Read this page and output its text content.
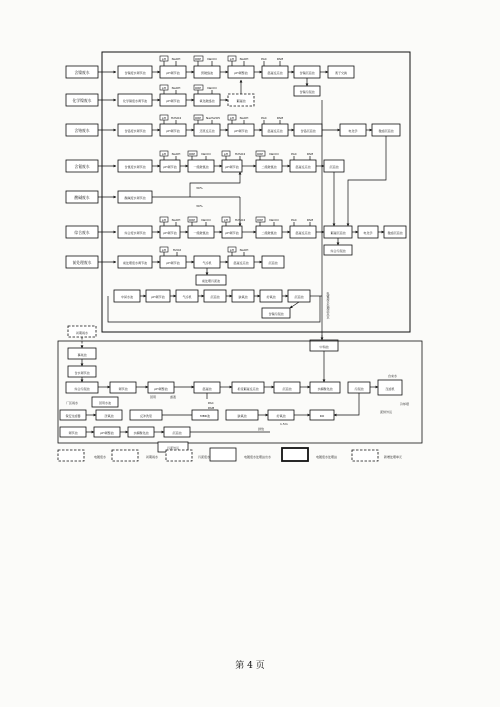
含镍废水
化学镍废水
含铬废水
含氰废水
酸碱废水
综合废水
前处理废水
含镍废水调节池	pH调节池	预破络池	pH调整池	混凝反应池	含镍沉淀池	离子交换
含镍污泥池
pH NaOH	ORP NaClO	pH NaOH	PAC	PAM
化学镍废水调节池	pH调节池	氧化破络池	絮凝池
pH NaOH	ORP NaClO
含铬废水调节池	pH调节池	还原反应池	pH调节池	混凝反应池	含铬沉淀池	电化学	微滤沉淀池
pH H2SO4	ORP Na2S2O5	pH NaOH	PAC	PAM
含氰废水调节池	pH调节池	一级破氰池	pH调节池	二级破氰池	混凝反应池	沉淀池
pH NaOH	ORP NaClO	pH H2SO4	ORP NaClO	PAC	PAM
酸碱废水调节池
30%
30%
综合废水调节池	pH调节池	一级破氰池	pH调节池	二级破氰池	混凝反应池	絮凝沉淀池	电化学	微滤沉淀池
综合污泥池
pH NaOH	ORP NaClO	pH H2SO4	ORP NaClO	PAC	PAM
前处理废水调节池	pH调节池	气浮机	混凝反应池	沉淀池
前处理污泥池
pH H2O2	pH NaOH
中间水池	pH调节池	气浮机	沉淀池	缺氧池	好氧池	沉淀池
含镍污泥池	电镀废水处理站出水
初期雨水
事故池
含水调节池
中和池
综合污泥池	调节池	pH调整池	混凝池	折流絮凝反应池	沉淀池	水解酸化池	污泥池	压滤机
厂区雨水	回用水池	PAC
PAM
保安过滤器	厌氧池	反冲洗泵	MBR池	缺氧池	好氧池	RO
调节池	pH调整池	水解酸化池	沉淀池
排放
1.5m
污泥外运
自来水
冷却塔
泥饼外运
回用	滤液
电镀废水	初期雨水	污泥废水	电镀废水处理站出水	电镀废水处理站	新增处理单元
第 4 页
